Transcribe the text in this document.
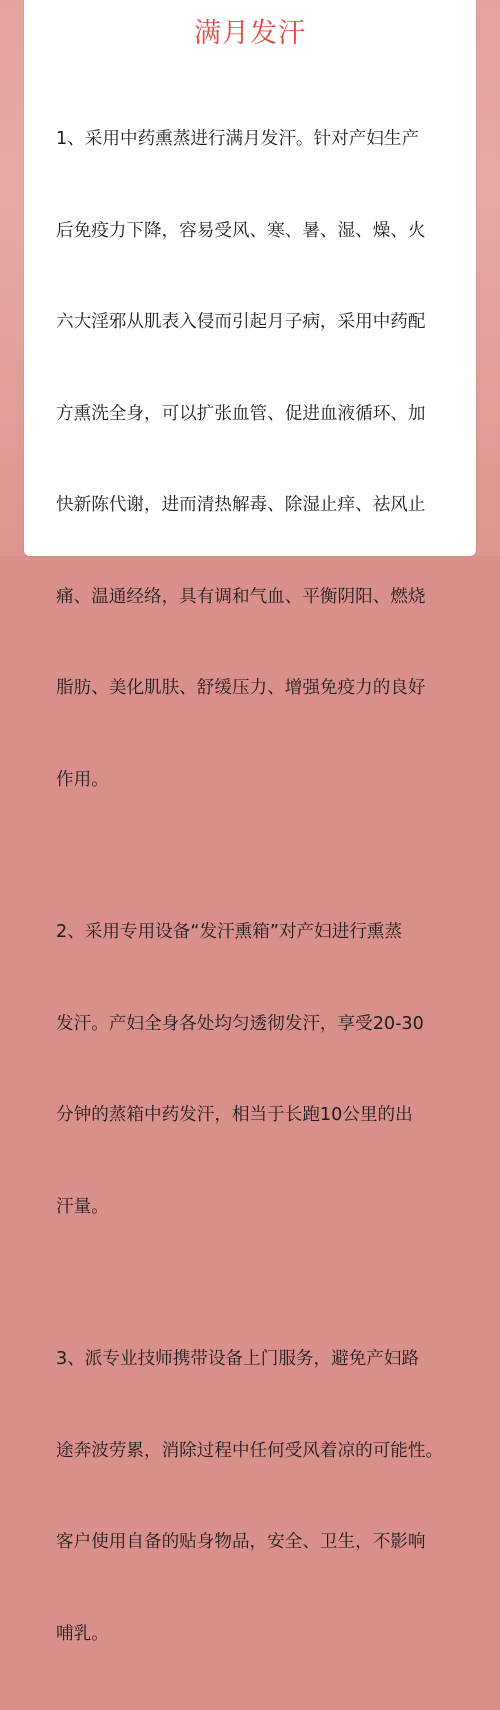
满月发汗

1、采用中药熏蒸进行满月发汗。针对产妇生产

后免疫力下降，容易受风、寒、暑、湿、燥、火

六大淫邪从肌表入侵而引起月子病，采用中药配

方熏洗全身，可以扩张血管、促进血液循环、加

快新陈代谢，进而清热解毒、除湿止痒、祛风止

痛、温通经络，具有调和气血、平衡阴阳、燃烧

脂肪、美化肌肤、舒缓压力、增强免疫力的良好

作用。

2、采用专用设备“发汗熏箱”对产妇进行熏蒸

发汗。产妇全身各处均匀透彻发汗，享受20-30

分钟的蒸箱中药发汗，相当于长跑10公里的出

汗量。

3、派专业技师携带设备上门服务，避免产妇路

途奔波劳累，消除过程中任何受风着凉的可能性。

客户使用自备的贴身物品，安全、卫生，不影响

哺乳。
